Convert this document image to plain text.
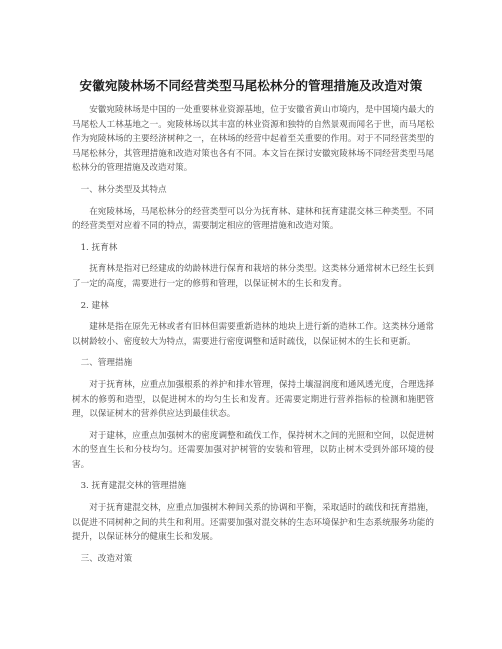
安徽宛陵林场不同经营类型马尾松林分的管理措施及改造对策

安徽宛陵林场是中国的一处重要林业资源基地，位于安徽省黄山市境内，是中国境内最大的马尾松人工林基地之一。宛陵林场以其丰富的林业资源和独特的自然景观而闻名于世，而马尾松作为宛陵林场的主要经济树种之一，在林场的经营中起着至关重要的作用。对于不同经营类型的马尾松林分，其管理措施和改造对策也各有不同。本文旨在探讨安徽宛陵林场不同经营类型马尾松林分的管理措施及改造对策。

一、林分类型及其特点

在宛陵林场，马尾松林分的经营类型可以分为抚育林、建林和抚育建混交林三种类型。不同的经营类型对应着不同的特点，需要制定相应的管理措施和改造对策。

1. 抚育林

抚育林是指对已经建成的幼龄林进行保育和栽培的林分类型。这类林分通常树木已经生长到了一定的高度，需要进行一定的修剪和管理，以保证树木的生长和发育。

2. 建林

建林是指在原先无林或者有旧林但需要重新造林的地块上进行新的造林工作。这类林分通常以树龄较小、密度较大为特点，需要进行密度调整和适时疏伐，以保证树木的生长和更新。

二、管理措施

对于抚育林，应重点加强根系的养护和排水管理，保持土壤湿润度和通风透光度，合理选择树木的修剪和造型，以促进树木的均匀生长和发育。还需要定期进行营养指标的检测和施肥管理，以保证树木的营养供应达到最佳状态。

对于建林，应重点加强树木的密度调整和疏伐工作，保持树木之间的光照和空间，以促进树木的竖直生长和分枝均匀。还需要加强对护树管的安装和管理，以防止树木受到外部环境的侵害。

3. 抚育建混交林的管理措施

对于抚育建混交林，应重点加强树木种间关系的协调和平衡，采取适时的疏伐和抚育措施，以促进不同树种之间的共生和利用。还需要加强对混交林的生态环境保护和生态系统服务功能的提升，以保证林分的健康生长和发展。

三、改造对策
